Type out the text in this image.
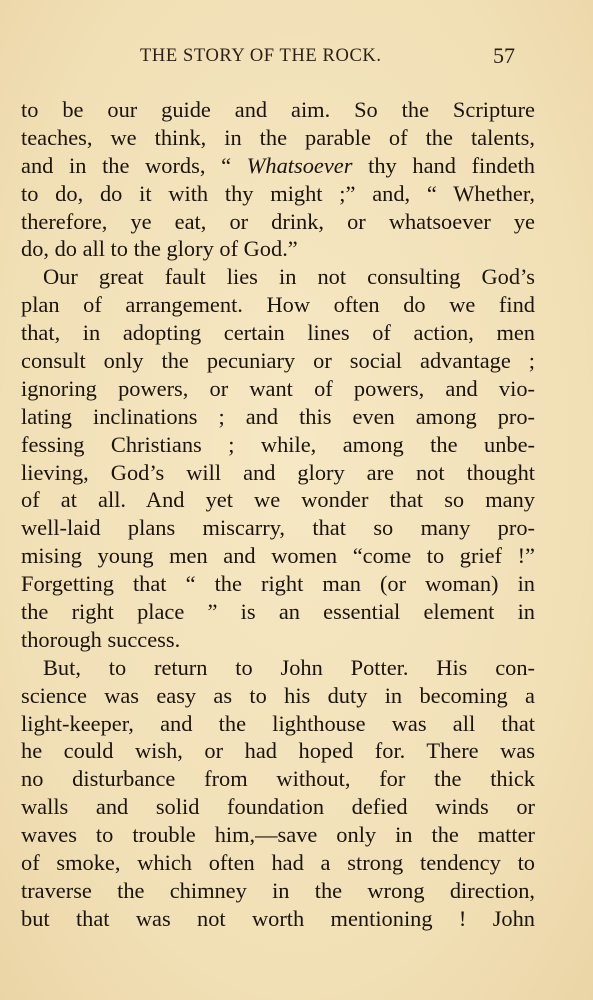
THE STORY OF THE ROCK.	57
to be our guide and aim. So the Scripture
teaches, we think, in the parable of the talents,
and in the words, “ Whatsoever thy hand findeth
to do, do it with thy might ;” and, “ Whether,
therefore, ye eat, or drink, or whatsoever ye
do, do all to the glory of God.”
Our great fault lies in not consulting God’s
plan of arrangement. How often do we find
that, in adopting certain lines of action, men
consult only the pecuniary or social advantage ;
ignoring powers, or want of powers, and vio-
lating inclinations ; and this even among pro-
fessing Christians ; while, among the unbe-
lieving, God’s will and glory are not thought
of at all. And yet we wonder that so many
well-laid plans miscarry, that so many pro-
mising young men and women “come to grief !”
Forgetting that “ the right man (or woman) in
the right place ” is an essential element in
thorough success.
But, to return to John Potter. His con-
science was easy as to his duty in becoming a
light-keeper, and the lighthouse was all that
he could wish, or had hoped for. There was
no disturbance from without, for the thick
walls and solid foundation defied winds or
waves to trouble him,—save only in the matter
of smoke, which often had a strong tendency to
traverse the chimney in the wrong direction,
but that was not worth mentioning ! John
